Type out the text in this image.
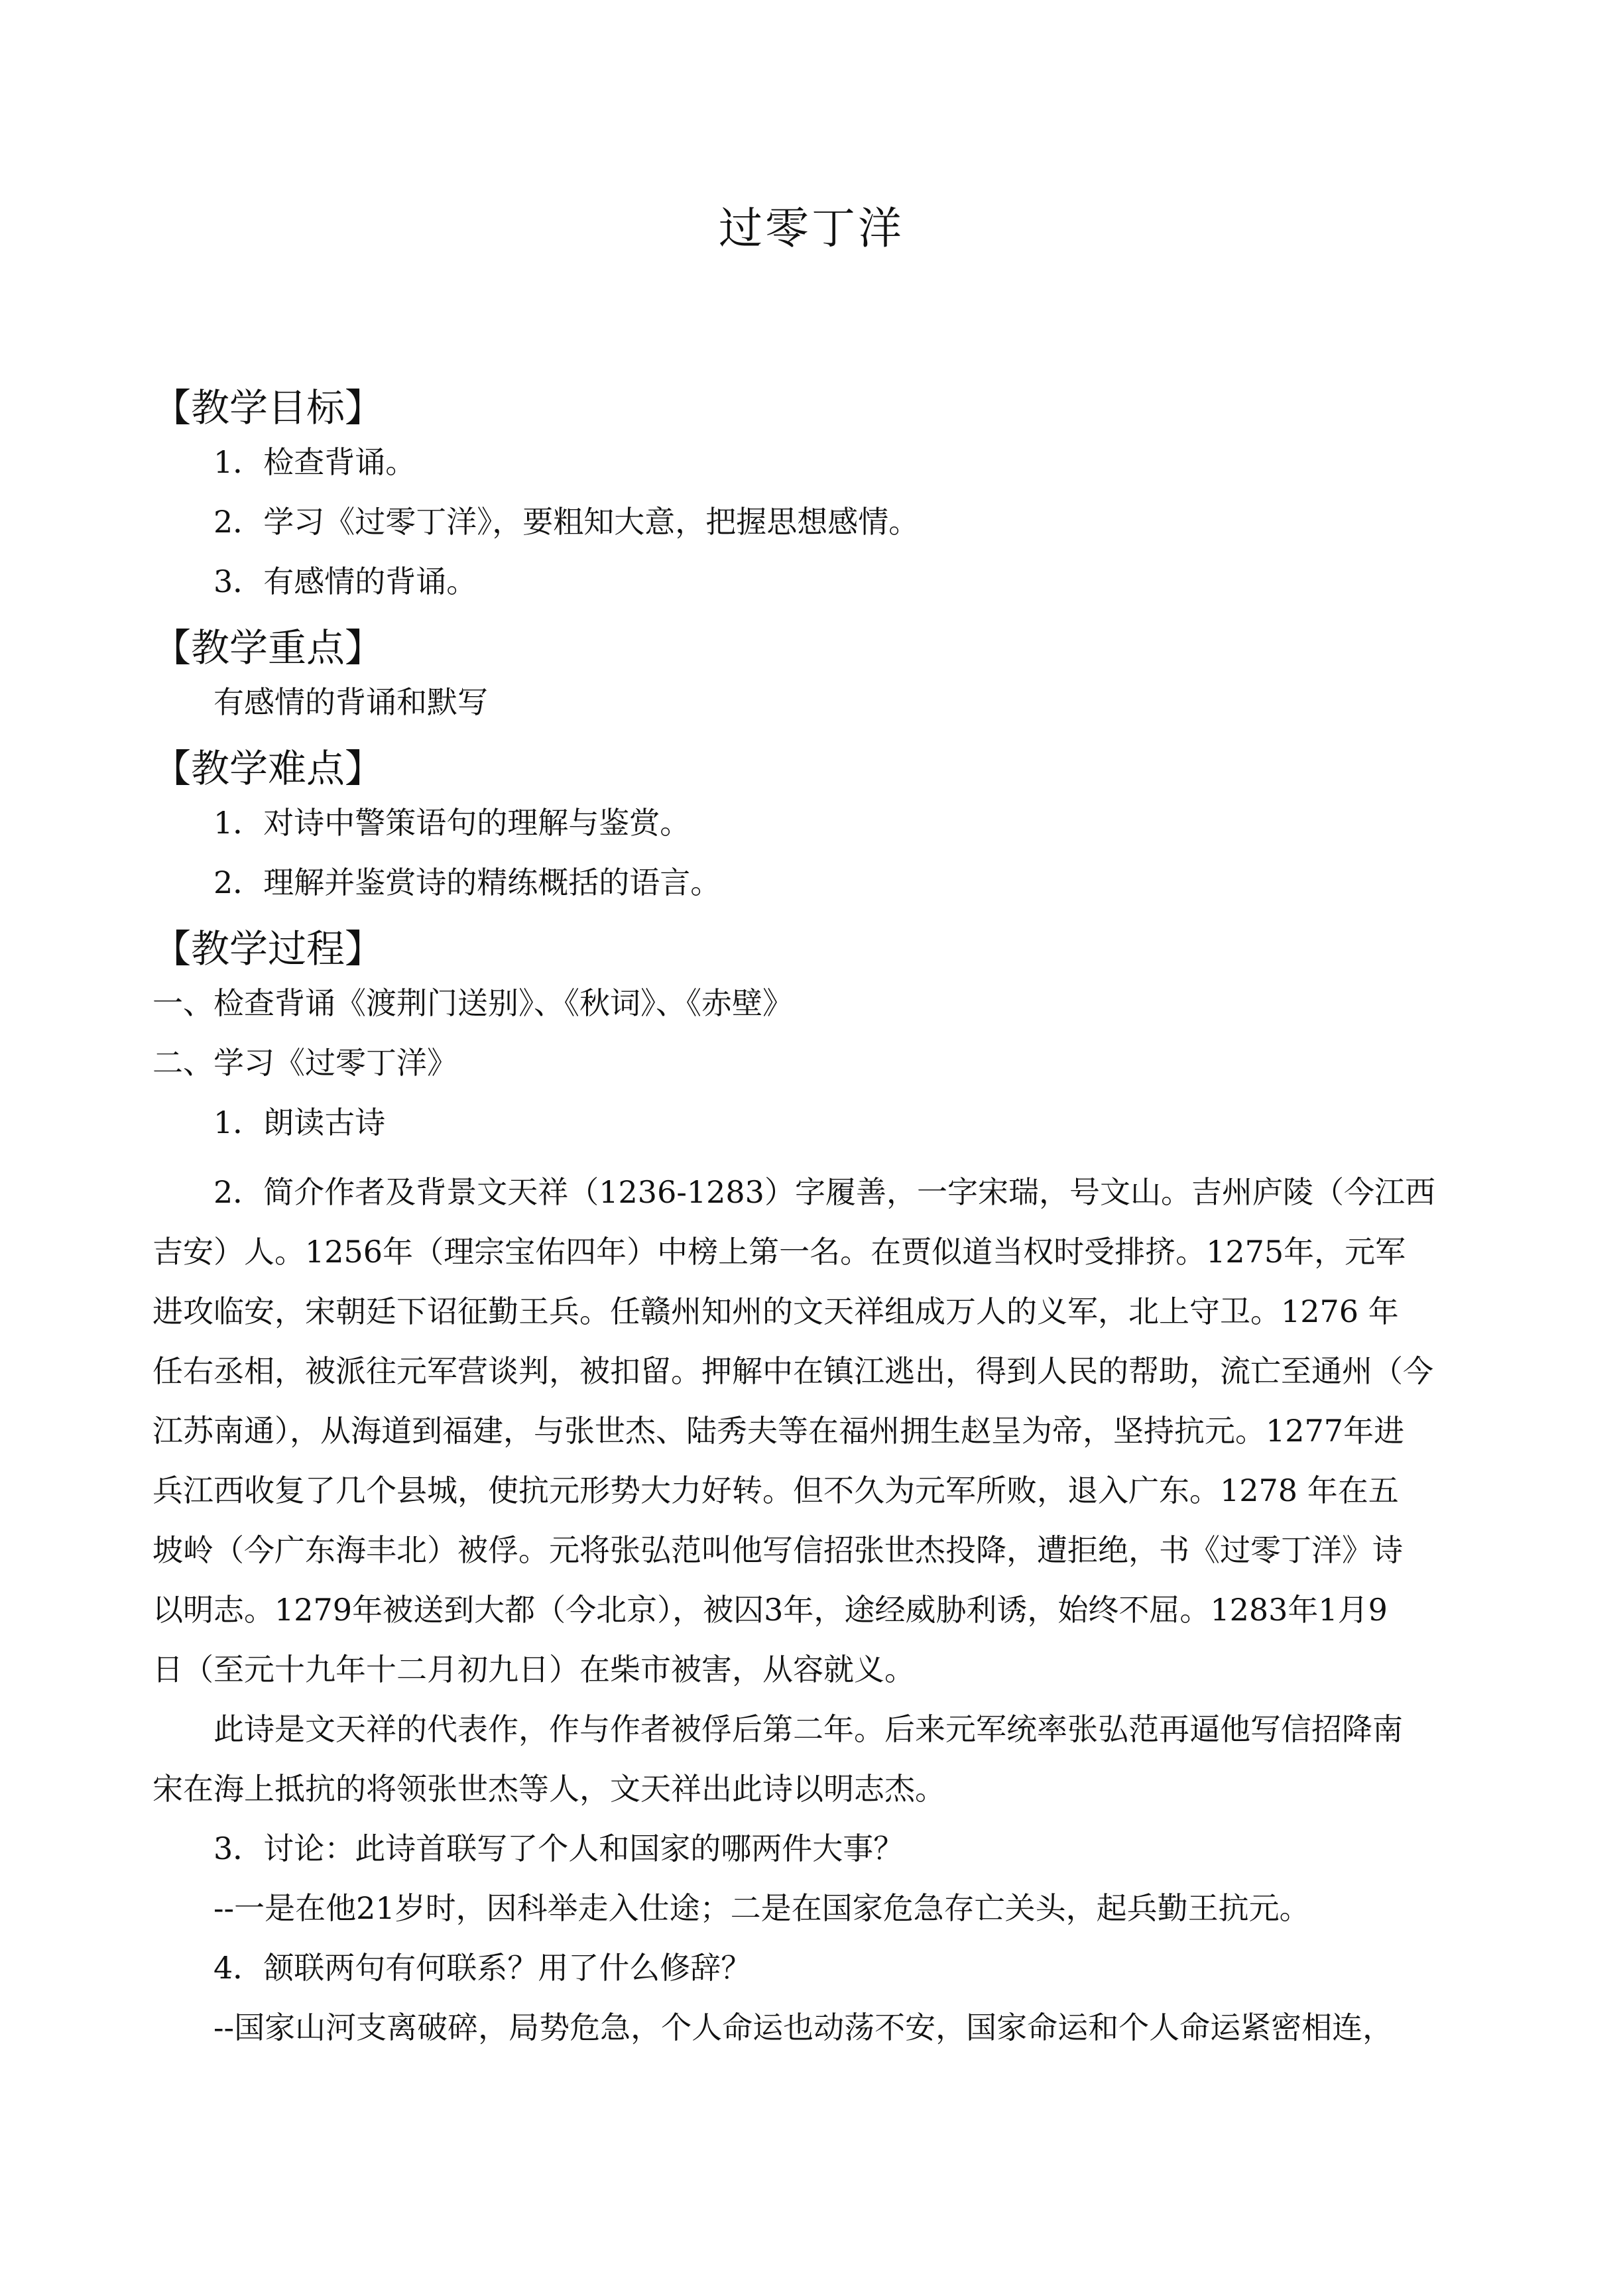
过零丁洋
【教学目标】
1．检查背诵。
2．学习《过零丁洋》，要粗知大意，把握思想感情。
3．有感情的背诵。
【教学重点】
有感情的背诵和默写
【教学难点】
1．对诗中警策语句的理解与鉴赏。
2．理解并鉴赏诗的精练概括的语言。
【教学过程】
一、检查背诵《渡荆门送别》、《秋词》、《赤壁》
二、学习《过零丁洋》
1．朗读古诗
2．简介作者及背景文天祥（1236-1283）字履善，一字宋瑞，号文山。吉州庐陵（今江西
吉安）人。1256年（理宗宝佑四年）中榜上第一名。在贾似道当权时受排挤。1275年，元军
进攻临安，宋朝廷下诏征勤王兵。任赣州知州的文天祥组成万人的义军，北上守卫。1276 年
任右丞相，被派往元军营谈判，被扣留。押解中在镇江逃出，得到人民的帮助，流亡至通州（今
江苏南通），从海道到福建，与张世杰、陆秀夫等在福州拥生赵呈为帝，坚持抗元。1277年进
兵江西收复了几个县城，使抗元形势大力好转。但不久为元军所败，退入广东。1278 年在五
坡岭（今广东海丰北）被俘。元将张弘范叫他写信招张世杰投降，遭拒绝，书《过零丁洋》诗
以明志。1279年被送到大都（今北京），被囚3年，途经威胁利诱，始终不屈。1283年1月9
日（至元十九年十二月初九日）在柴市被害，从容就义。
此诗是文天祥的代表作，作与作者被俘后第二年。后来元军统率张弘范再逼他写信招降南
宋在海上抵抗的将领张世杰等人，文天祥出此诗以明志杰。
3．讨论：此诗首联写了个人和国家的哪两件大事？
--一是在他21岁时，因科举走入仕途；二是在国家危急存亡关头，起兵勤王抗元。
4．颔联两句有何联系？用了什么修辞？
--国家山河支离破碎，局势危急，个人命运也动荡不安，国家命运和个人命运紧密相连，
